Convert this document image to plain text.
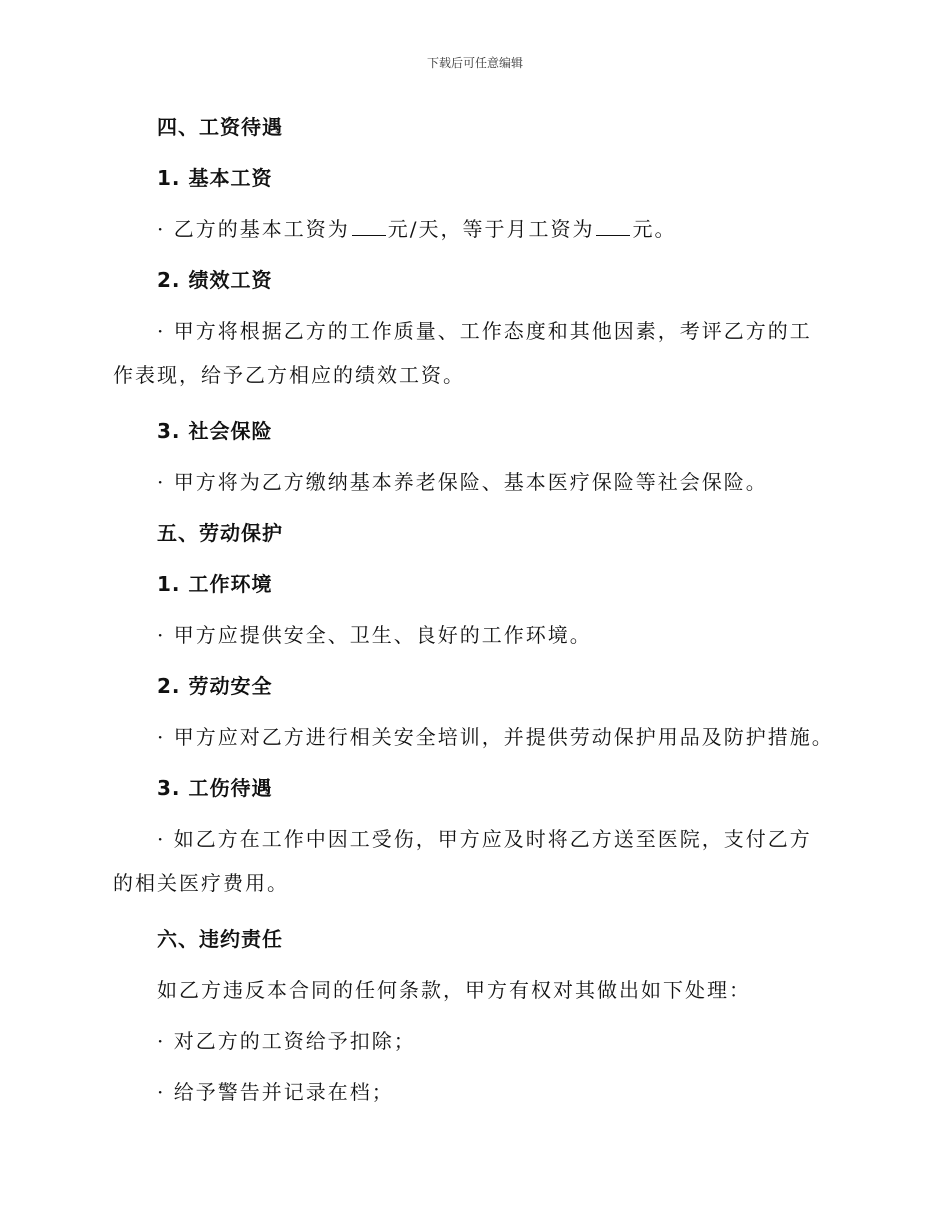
下载后可任意编辑
四、工资待遇
1. 基本工资
· 乙方的基本工资为 元/天，等于月工资为 元。
2. 绩效工资
· 甲方将根据乙方的工作质量、工作态度和其他因素，考评乙方的工作表现，给予乙方相应的绩效工资。
3. 社会保险
· 甲方将为乙方缴纳基本养老保险、基本医疗保险等社会保险。
五、劳动保护
1. 工作环境
· 甲方应提供安全、卫生、良好的工作环境。
2. 劳动安全
· 甲方应对乙方进行相关安全培训，并提供劳动保护用品及防护措施。
3. 工伤待遇
· 如乙方在工作中因工受伤，甲方应及时将乙方送至医院，支付乙方的相关医疗费用。
六、违约责任
如乙方违反本合同的任何条款，甲方有权对其做出如下处理：
· 对乙方的工资给予扣除；
· 给予警告并记录在档；
